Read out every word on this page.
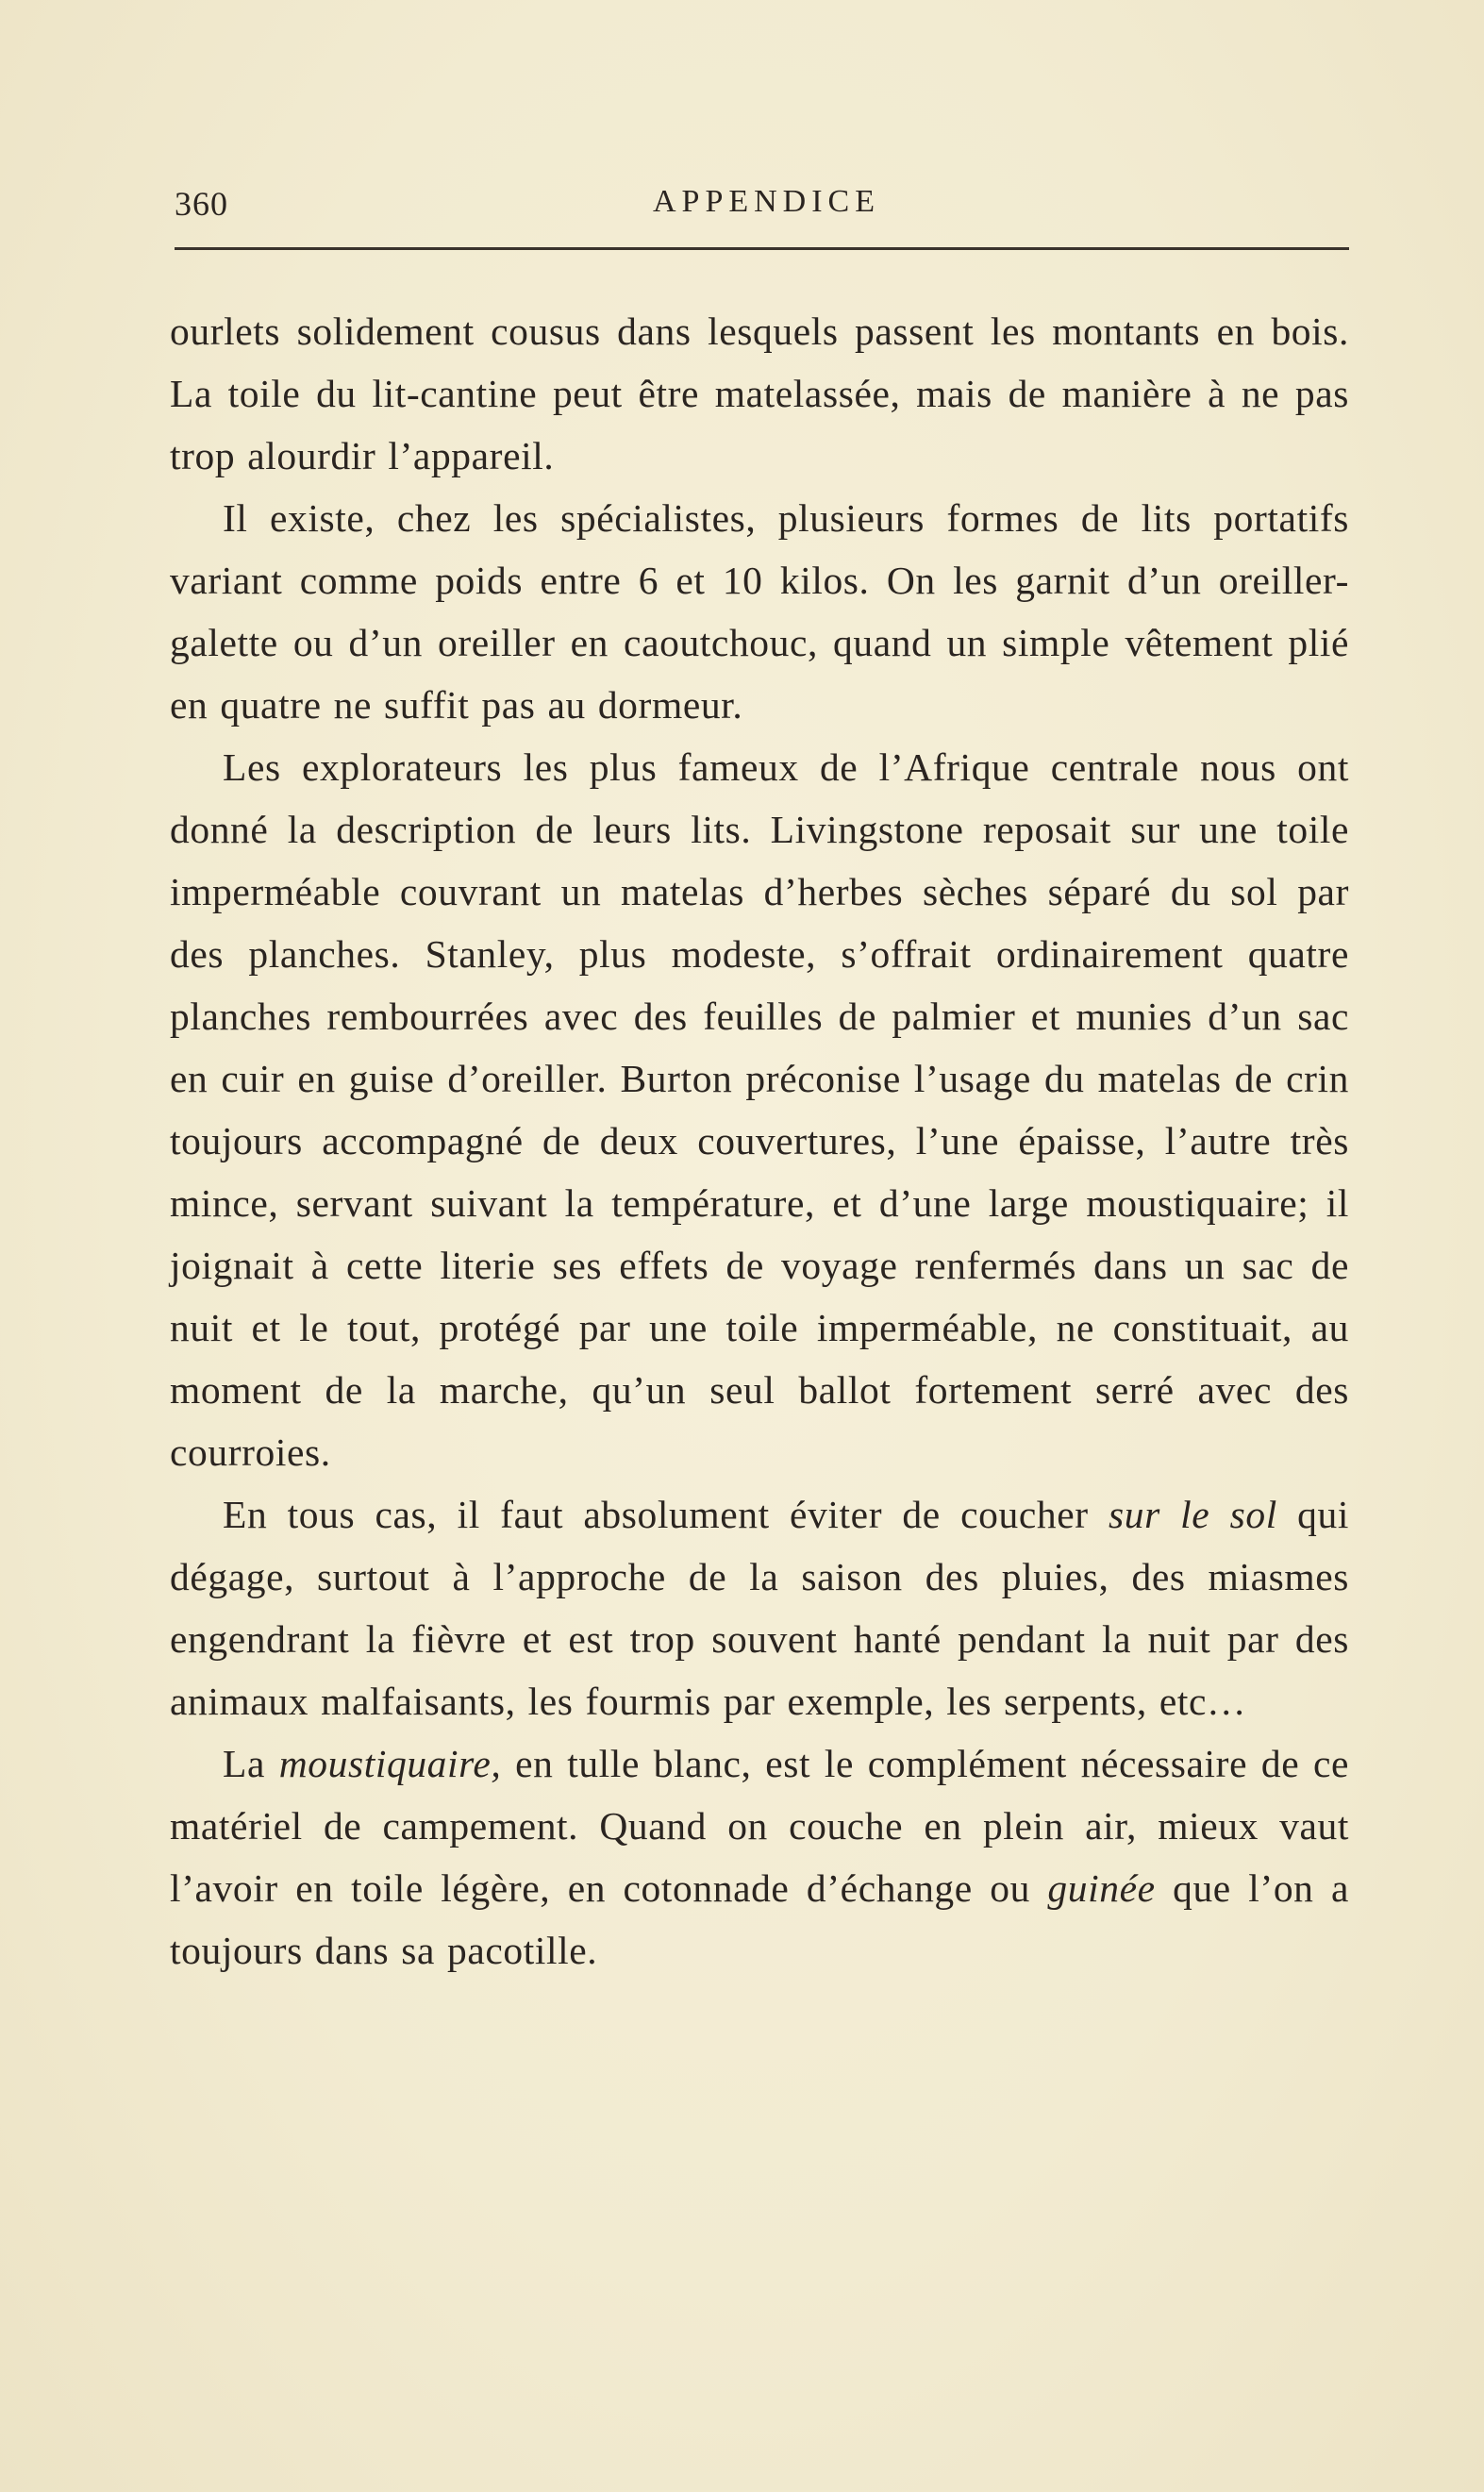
360	APPENDICE

ourlets solidement cousus dans lesquels passent les montants en bois. La toile du lit-cantine peut être matelassée, mais de manière à ne pas trop alourdir l’appareil.

Il existe, chez les spécialistes, plusieurs formes de lits portatifs variant comme poids entre 6 et 10 kilos. On les garnit d’un oreiller-galette ou d’un oreiller en caoutchouc, quand un simple vêtement plié en quatre ne suffit pas au dormeur.

Les explorateurs les plus fameux de l’Afrique centrale nous ont donné la description de leurs lits. Livingstone reposait sur une toile imperméable couvrant un matelas d’herbes sèches séparé du sol par des planches. Stanley, plus modeste, s’offrait ordinairement quatre planches rembourrées avec des feuilles de palmier et munies d’un sac en cuir en guise d’oreiller. Burton préconise l’usage du matelas de crin toujours accompagné de deux couvertures, l’une épaisse, l’autre très mince, servant suivant la température, et d’une large moustiquaire; il joignait à cette literie ses effets de voyage renfermés dans un sac de nuit et le tout, protégé par une toile imperméable, ne constituait, au moment de la marche, qu’un seul ballot fortement serré avec des courroies.

En tous cas, il faut absolument éviter de coucher sur le sol qui dégage, surtout à l’approche de la saison des pluies, des miasmes engendrant la fièvre et est trop souvent hanté pendant la nuit par des animaux malfaisants, les fourmis par exemple, les serpents, etc…

La moustiquaire, en tulle blanc, est le complément nécessaire de ce matériel de campement. Quand on couche en plein air, mieux vaut l’avoir en toile légère, en cotonnade d’échange ou guinée que l’on a toujours dans sa pacotille.
